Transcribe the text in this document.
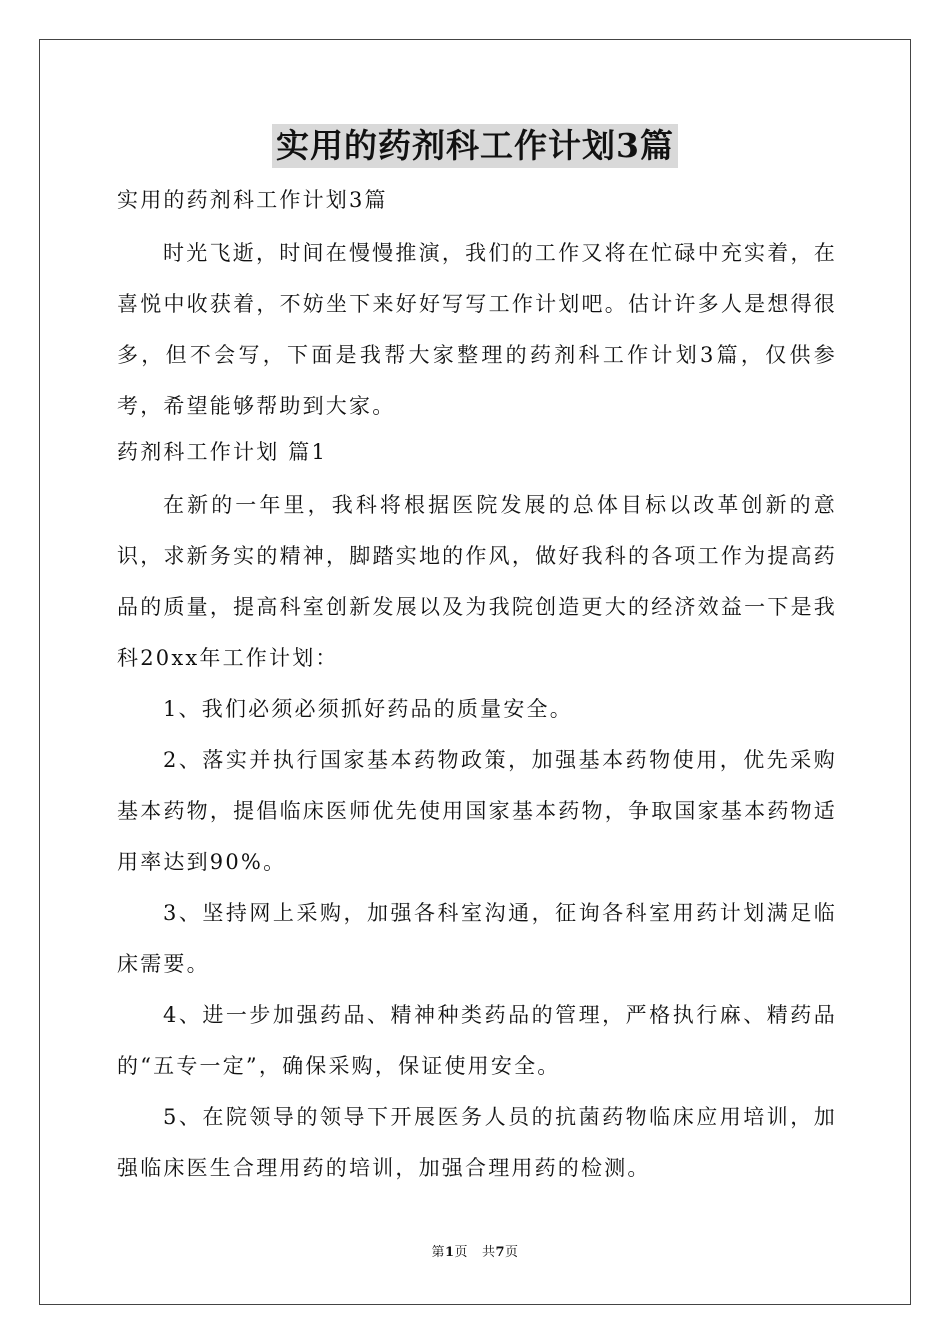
实用的药剂科工作计划3篇
实用的药剂科工作计划3篇

时光飞逝，时间在慢慢推演，我们的工作又将在忙碌中充实着，在喜悦中收获着，不妨坐下来好好写写工作计划吧。估计许多人是想得很多，但不会写，下面是我帮大家整理的药剂科工作计划3篇，仅供参考，希望能够帮助到大家。

药剂科工作计划 篇1

在新的一年里，我科将根据医院发展的总体目标以改革创新的意识，求新务实的精神，脚踏实地的作风，做好我科的各项工作为提高药品的质量，提高科室创新发展以及为我院创造更大的经济效益一下是我科20xx年工作计划：

1、我们必须必须抓好药品的质量安全。

2、落实并执行国家基本药物政策，加强基本药物使用，优先采购基本药物，提倡临床医师优先使用国家基本药物，争取国家基本药物适用率达到90%。

3、坚持网上采购，加强各科室沟通，征询各科室用药计划满足临床需要。

4、进一步加强药品、精神种类药品的管理，严格执行麻、精药品的“五专一定”，确保采购，保证使用安全。

5、在院领导的领导下开展医务人员的抗菌药物临床应用培训，加强临床医生合理用药的培训，加强合理用药的检测。

第1页 共7页
